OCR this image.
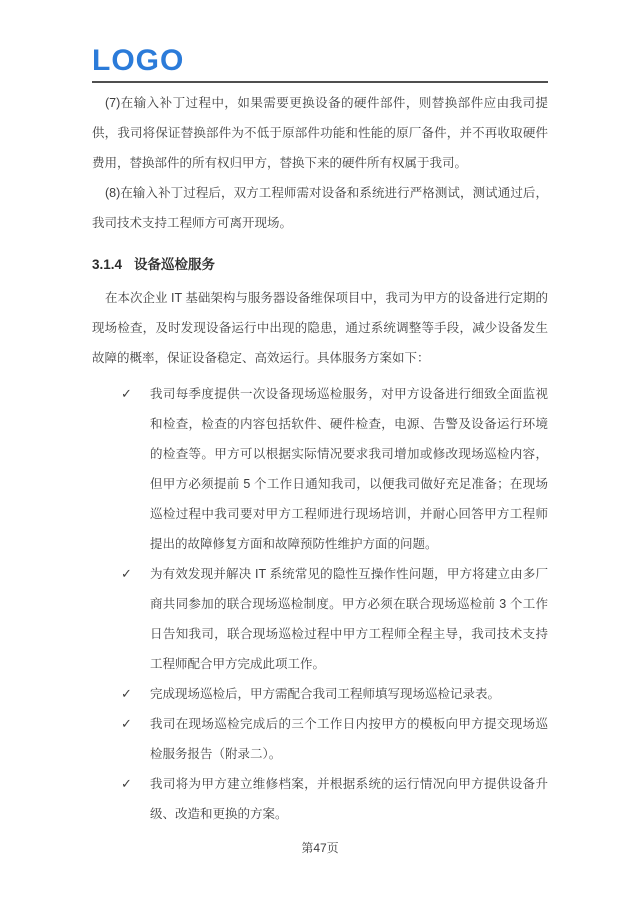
LOGO

(7)在输入补丁过程中，如果需要更换设备的硬件部件，则替换部件应由我司提供，我司将保证替换部件为不低于原部件功能和性能的原厂备件，并不再收取硬件费用，替换部件的所有权归甲方，替换下来的硬件所有权属于我司。

(8)在输入补丁过程后，双方工程师需对设备和系统进行严格测试，测试通过后，我司技术支持工程师方可离开现场。

3.1.4 设备巡检服务

在本次企业 IT 基础架构与服务器设备维保项目中，我司为甲方的设备进行定期的现场检查，及时发现设备运行中出现的隐患，通过系统调整等手段，减少设备发生故障的概率，保证设备稳定、高效运行。具体服务方案如下：

✓ 我司每季度提供一次设备现场巡检服务，对甲方设备进行细致全面监视和检查，检查的内容包括软件、硬件检查，电源、告警及设备运行环境的检查等。甲方可以根据实际情况要求我司增加或修改现场巡检内容，但甲方必须提前 5 个工作日通知我司，以便我司做好充足准备；在现场巡检过程中我司要对甲方工程师进行现场培训，并耐心回答甲方工程师提出的故障修复方面和故障预防性维护方面的问题。
✓ 为有效发现并解决 IT 系统常见的隐性互操作性问题，甲方将建立由多厂商共同参加的联合现场巡检制度。甲方必须在联合现场巡检前 3 个工作日告知我司，联合现场巡检过程中甲方工程师全程主导，我司技术支持工程师配合甲方完成此项工作。
✓ 完成现场巡检后，甲方需配合我司工程师填写现场巡检记录表。
✓ 我司在现场巡检完成后的三个工作日内按甲方的模板向甲方提交现场巡检服务报告（附录二）。
✓ 我司将为甲方建立维修档案，并根据系统的运行情况向甲方提供设备升级、改造和更换的方案。
第47页
